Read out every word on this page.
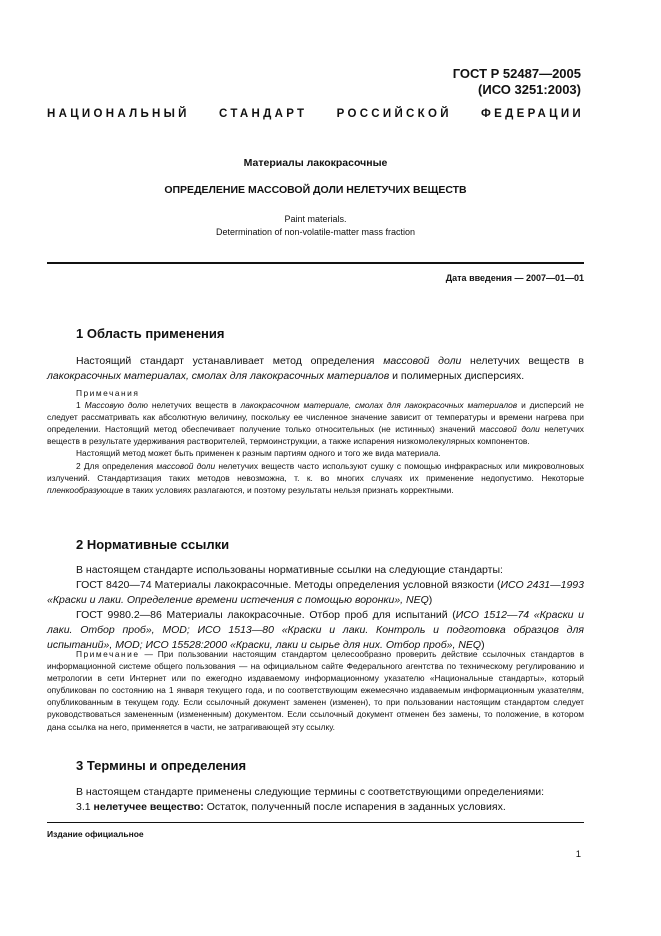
ГОСТ Р 52487—2005
(ИСО 3251:2003)
НАЦИОНАЛЬНЫЙ	СТАНДАРТ	РОССИЙСКОЙ	ФЕДЕРАЦИИ
Материалы лакокрасочные
ОПРЕДЕЛЕНИЕ МАССОВОЙ ДОЛИ НЕЛЕТУЧИХ ВЕЩЕСТВ
Paint materials.
Determination of non-volatile-matter mass fraction
Дата введения — 2007—01—01
1 Область применения

Настоящий стандарт устанавливает метод определения массовой доли нелетучих веществ в лакокрасочных материалах, смолах для лакокрасочных материалов и полимерных дисперсиях.

Примечания

1 Массовую долю нелетучих веществ в лакокрасочном материале, смолах для лакокрасочных материалов и дисперсий не следует рассматривать как абсолютную величину, поскольку ее численное значение зависит от температуры и времени нагрева при определении. Настоящий метод обеспечивает получение только относительных (не истинных) значений массовой доли нелетучих веществ в результате удерживания растворителей, термоинструкции, а также испарения низкомолекулярных компонентов.

Настоящий метод может быть применен к разным партиям одного и того же вида материала.

2 Для определения массовой доли нелетучих веществ часто используют сушку с помощью инфракрасных или микроволновых излучений. Стандартизация таких методов невозможна, т. к. во многих случаях их применение недопустимо. Некоторые пленкообразующие в таких условиях разлагаются, и поэтому результаты нельзя признать корректными.

2 Нормативные ссылки

В настоящем стандарте использованы нормативные ссылки на следующие стандарты:

ГОСТ 8420—74 Материалы лакокрасочные. Методы определения условной вязкости (ИСО 2431—1993 «Краски и лаки. Определение времени истечения с помощью воронки», NEQ)

ГОСТ 9980.2—86 Материалы лакокрасочные. Отбор проб для испытаний (ИСО 1512—74 «Краски и лаки. Отбор проб», MOD; ИСО 1513—80 «Краски и лаки. Контроль и подготовка образцов для испытаний», MOD; ИСО 15528:2000 «Краски, лаки и сырье для них. Отбор проб», NEQ)

Примечание — При пользовании настоящим стандартом целесообразно проверить действие ссылочных стандартов в информационной системе общего пользования — на официальном сайте Федерального агентства по техническому регулированию и метрологии в сети Интернет или по ежегодно издаваемому информационному указателю «Национальные стандарты», который опубликован по состоянию на 1 января текущего года, и по соответствующим ежемесячно издаваемым информационным указателям, опубликованным в текущем году. Если ссылочный документ заменен (изменен), то при пользовании настоящим стандартом следует руководствоваться замененным (измененным) документом. Если ссылочный документ отменен без замены, то положение, в котором дана ссылка на него, применяется в части, не затрагивающей эту ссылку.

3 Термины и определения

В настоящем стандарте применены следующие термины с соответствующими определениями:

3.1 нелетучее вещество: Остаток, полученный после испарения в заданных условиях.

Издание официальное
1
